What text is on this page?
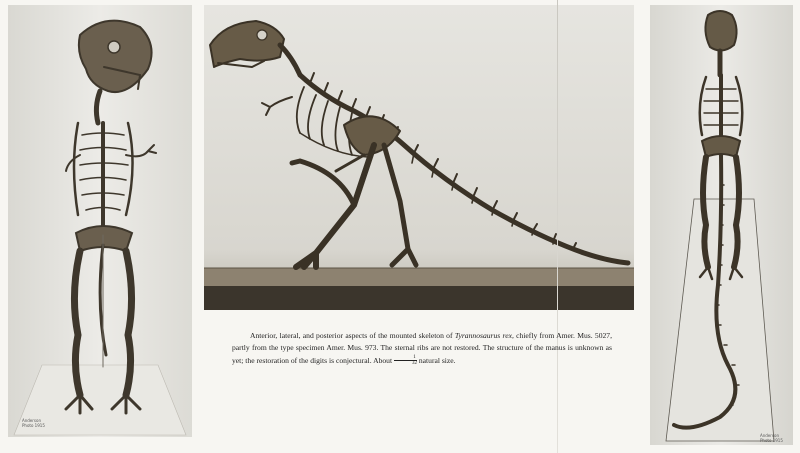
Anderson
Photo 1915

Anterior, lateral, and posterior aspects of the mounted skeleton of Tyrannosaurus rex, chiefly from Amer. Mus. 5027, partly from the type specimen Amer. Mus. 973. The sternal ribs are not restored. The structure of the manus is unknown as yet; the restoration of the digits is conjectural. About $\frac{1}{32}$ natural size.

Anderson
Photo 1915
